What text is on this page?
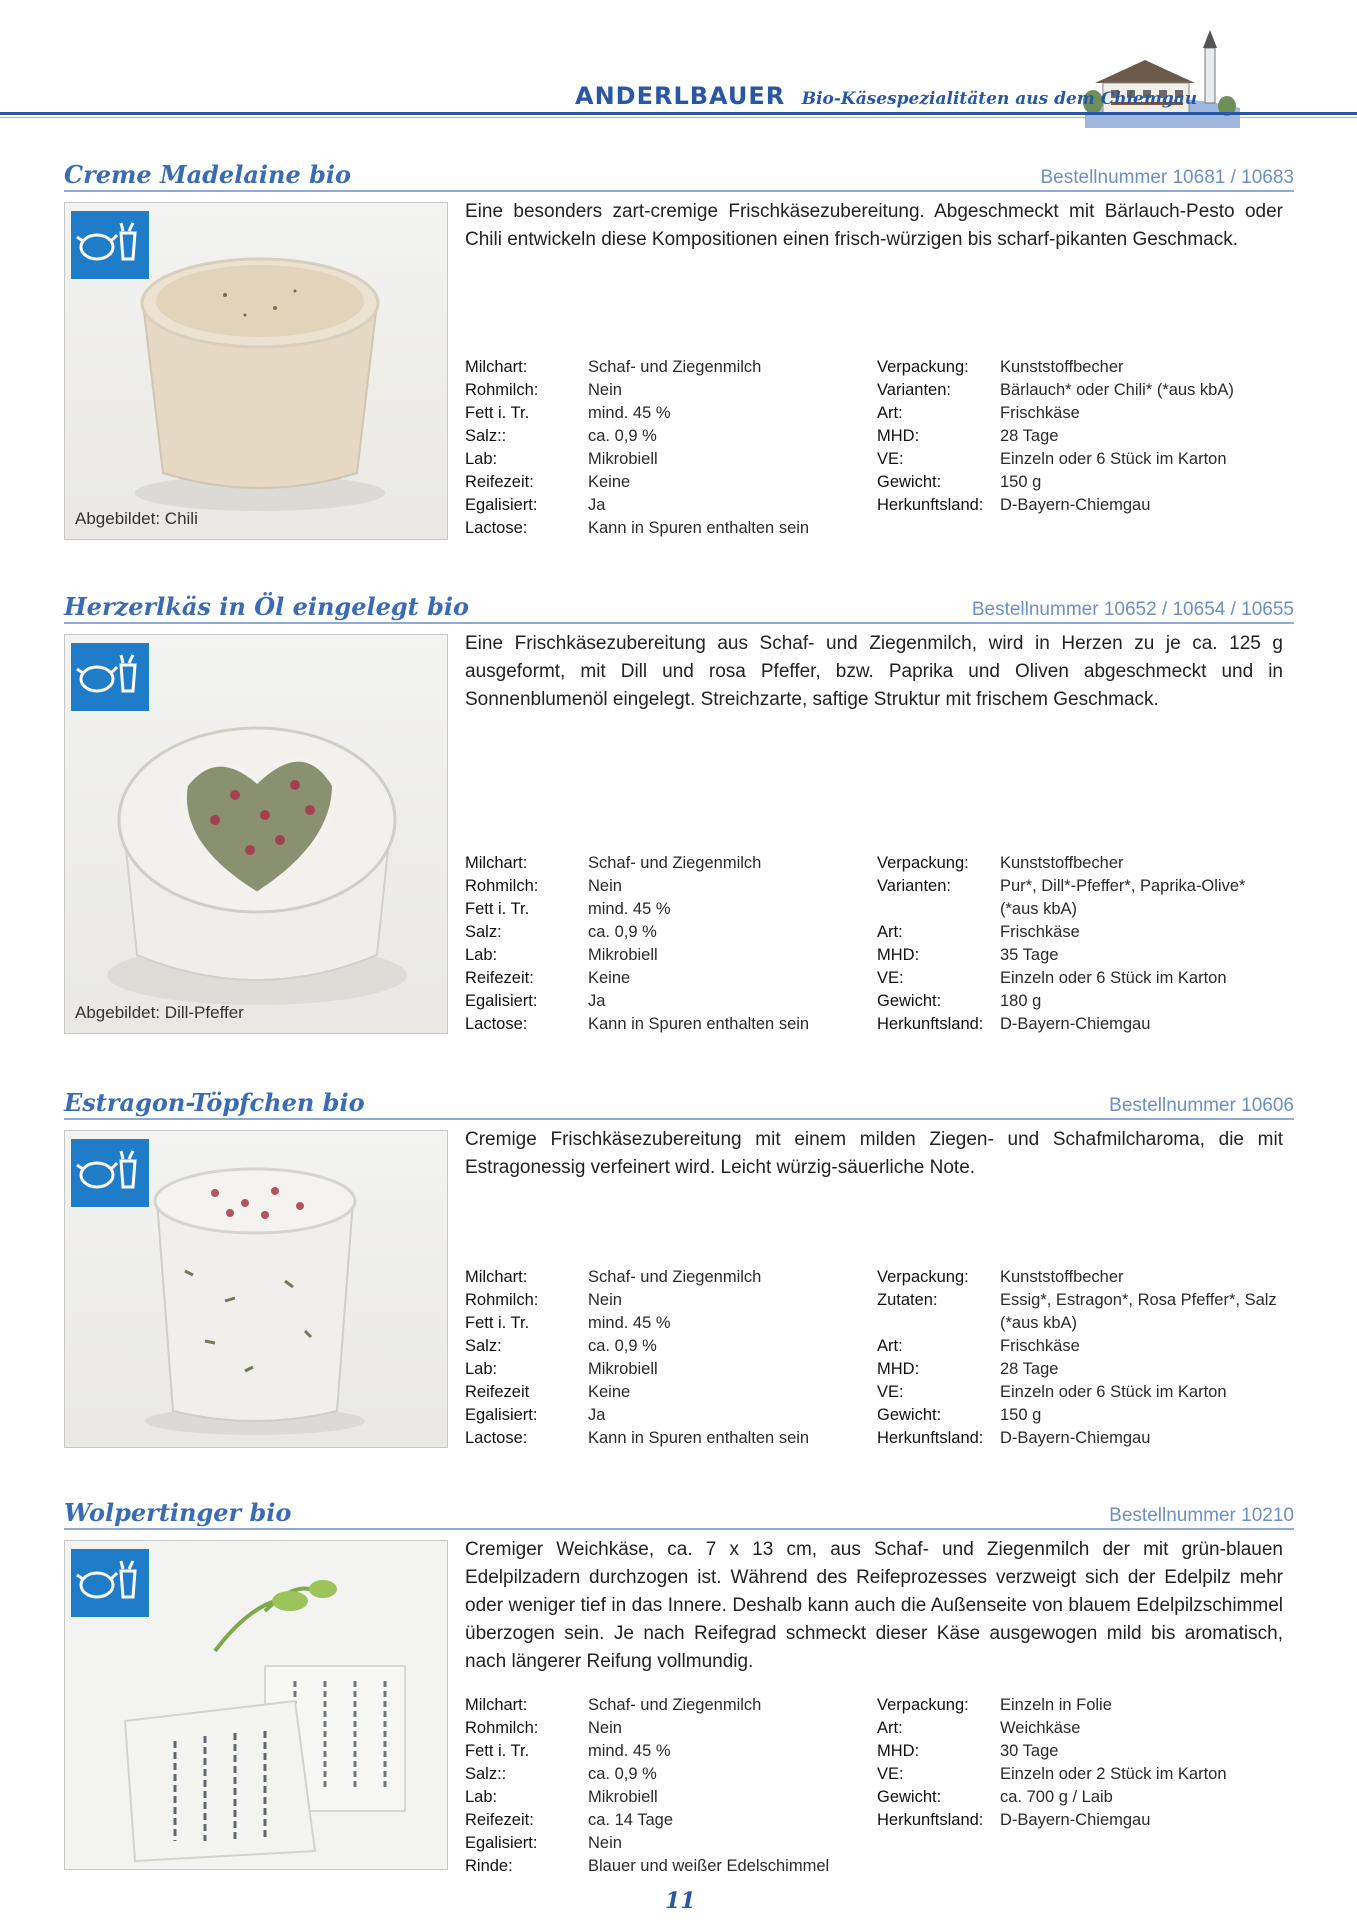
ANDERLBAUER Bio-Käsespezialitäten aus dem Chiemgau
Creme Madelaine bio	Bestellnummer 10681 / 10683
Abgebildet: Chili
Eine besonders zart-cremige Frischkäsezubereitung. Abgeschmeckt mit Bärlauch-Pesto oder Chili entwickeln diese Kompositionen einen frisch-würzigen bis scharf-pikanten Geschmack.
Milchart:	Schaf- und Ziegenmilch
Rohmilch:	Nein
Fett i. Tr.	mind. 45 %
Salz::	ca. 0,9 %
Lab:	Mikrobiell
Reifezeit:	Keine
Egalisiert:	Ja
Lactose:	Kann in Spuren enthalten sein
Verpackung:	Kunststoffbecher
Varianten:	Bärlauch* oder Chili* (*aus kbA)
Art:	Frischkäse
MHD:	28 Tage
VE:	Einzeln oder 6 Stück im Karton
Gewicht:	150 g
Herkunftsland:	D-Bayern-Chiemgau
Herzerlkäs in Öl eingelegt bio	Bestellnummer 10652 / 10654 / 10655
Abgebildet: Dill-Pfeffer
Eine Frischkäsezubereitung aus Schaf- und Ziegenmilch, wird in Herzen zu je ca. 125 g ausgeformt, mit Dill und rosa Pfeffer, bzw. Paprika und Oliven abgeschmeckt und in Sonnenblumenöl eingelegt. Streichzarte, saftige Struktur mit frischem Geschmack.
Milchart:	Schaf- und Ziegenmilch
Rohmilch:	Nein
Fett i. Tr.	mind. 45 %
Salz:	ca. 0,9 %
Lab:	Mikrobiell
Reifezeit:	Keine
Egalisiert:	Ja
Lactose:	Kann in Spuren enthalten sein
Verpackung:	Kunststoffbecher
Varianten:	Pur*, Dill*-Pfeffer*, Paprika-Olive*
(*aus kbA)
Art:	Frischkäse
MHD:	35 Tage
VE:	Einzeln oder 6 Stück im Karton
Gewicht:	180 g
Herkunftsland:	D-Bayern-Chiemgau
Estragon-Töpfchen bio	Bestellnummer 10606
Cremige Frischkäsezubereitung mit einem milden Ziegen- und Schafmilcharoma, die mit Estragonessig verfeinert wird. Leicht würzig-säuerliche Note.
Milchart:	Schaf- und Ziegenmilch
Rohmilch:	Nein
Fett i. Tr.	mind. 45 %
Salz:	ca. 0,9 %
Lab:	Mikrobiell
Reifezeit	Keine
Egalisiert:	Ja
Lactose:	Kann in Spuren enthalten sein
Verpackung:	Kunststoffbecher
Zutaten:	Essig*, Estragon*, Rosa Pfeffer*, Salz
(*aus kbA)
Art:	Frischkäse
MHD:	28 Tage
VE:	Einzeln oder 6 Stück im Karton
Gewicht:	150 g
Herkunftsland:	D-Bayern-Chiemgau
Wolpertinger bio	Bestellnummer 10210
Cremiger Weichkäse, ca. 7 x 13 cm, aus Schaf- und Ziegenmilch der mit grün-blauen Edelpilzadern durchzogen ist. Während des Reifeprozesses verzweigt sich der Edelpilz mehr oder weniger tief in das Innere. Deshalb kann auch die Außenseite von blauem Edelpilzschimmel überzogen sein. Je nach Reifegrad schmeckt dieser Käse ausgewogen mild bis aromatisch, nach längerer Reifung vollmundig.
Milchart:	Schaf- und Ziegenmilch
Rohmilch:	Nein
Fett i. Tr.	mind. 45 %
Salz::	ca. 0,9 %
Lab:	Mikrobiell
Reifezeit:	ca. 14 Tage
Egalisiert:	Nein
Rinde:	Blauer und weißer Edelschimmel
Verpackung:	Einzeln in Folie
Art:	Weichkäse
MHD:	30 Tage
VE:	Einzeln oder 2 Stück im Karton
Gewicht:	ca. 700 g / Laib
Herkunftsland:	D-Bayern-Chiemgau
11
